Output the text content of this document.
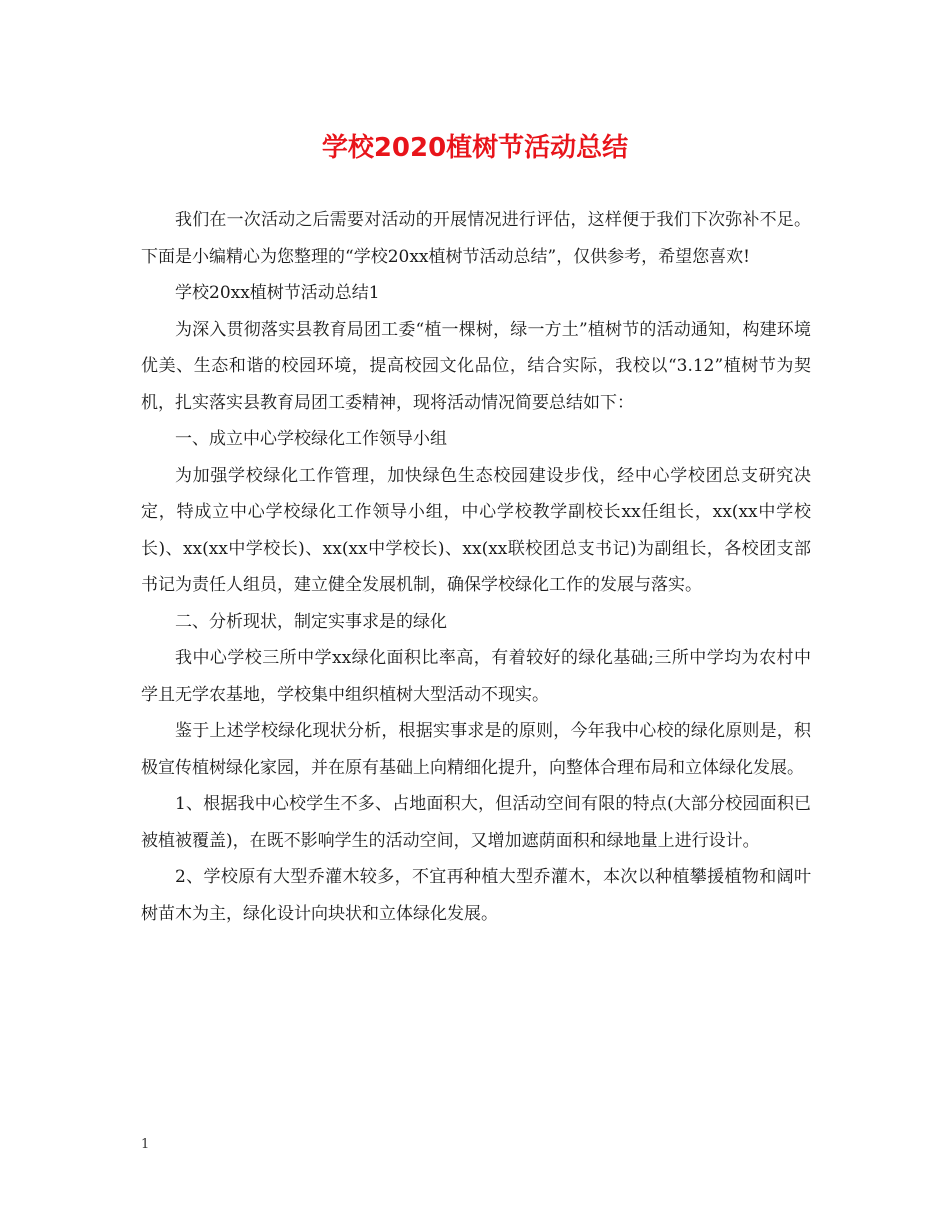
学校2020植树节活动总结

我们在一次活动之后需要对活动的开展情况进行评估，这样便于我们下次弥补不足。下面是小编精心为您整理的“学校20xx植树节活动总结”，仅供参考，希望您喜欢!

学校20xx植树节活动总结1

为深入贯彻落实县教育局团工委“植一棵树，绿一方土”植树节的活动通知，构建环境优美、生态和谐的校园环境，提高校园文化品位，结合实际，我校以“3.12”植树节为契机，扎实落实县教育局团工委精神，现将活动情况简要总结如下：

一、成立中心学校绿化工作领导小组

为加强学校绿化工作管理，加快绿色生态校园建设步伐，经中心学校团总支研究决定，特成立中心学校绿化工作领导小组，中心学校教学副校长xx任组长，xx(xx中学校长)、xx(xx中学校长)、xx(xx中学校长)、xx(xx联校团总支书记)为副组长，各校团支部书记为责任人组员，建立健全发展机制，确保学校绿化工作的发展与落实。

二、分析现状，制定实事求是的绿化

我中心学校三所中学xx绿化面积比率高，有着较好的绿化基础;三所中学均为农村中学且无学农基地，学校集中组织植树大型活动不现实。

鉴于上述学校绿化现状分析，根据实事求是的原则，今年我中心校的绿化原则是，积极宣传植树绿化家园，并在原有基础上向精细化提升，向整体合理布局和立体绿化发展。

1、根据我中心校学生不多、占地面积大，但活动空间有限的特点(大部分校园面积已被植被覆盖)，在既不影响学生的活动空间，又增加遮荫面积和绿地量上进行设计。

2、学校原有大型乔灌木较多，不宜再种植大型乔灌木，本次以种植攀援植物和阔叶树苗木为主，绿化设计向块状和立体绿化发展。

1
